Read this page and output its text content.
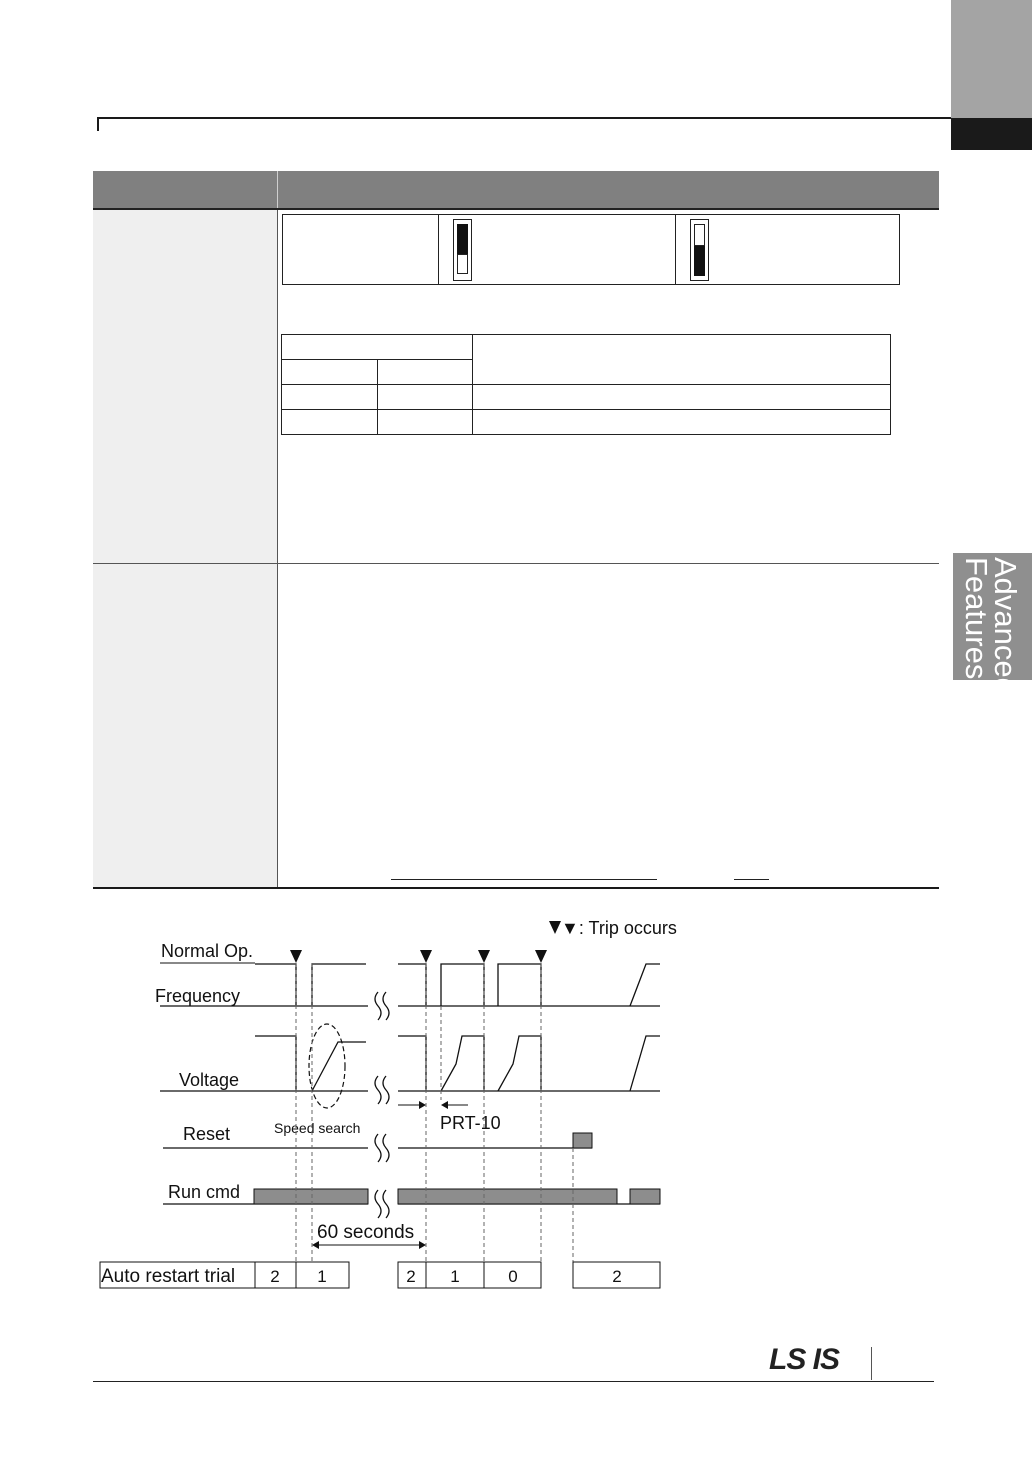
Advanced
Features
▼: Trip occurs
Normal Op.
Frequency
Voltage
Reset
Run cmd
Speed search	PRT-10
60 seconds
Auto restart trial 2 1	2 1	0	2
LS IS
